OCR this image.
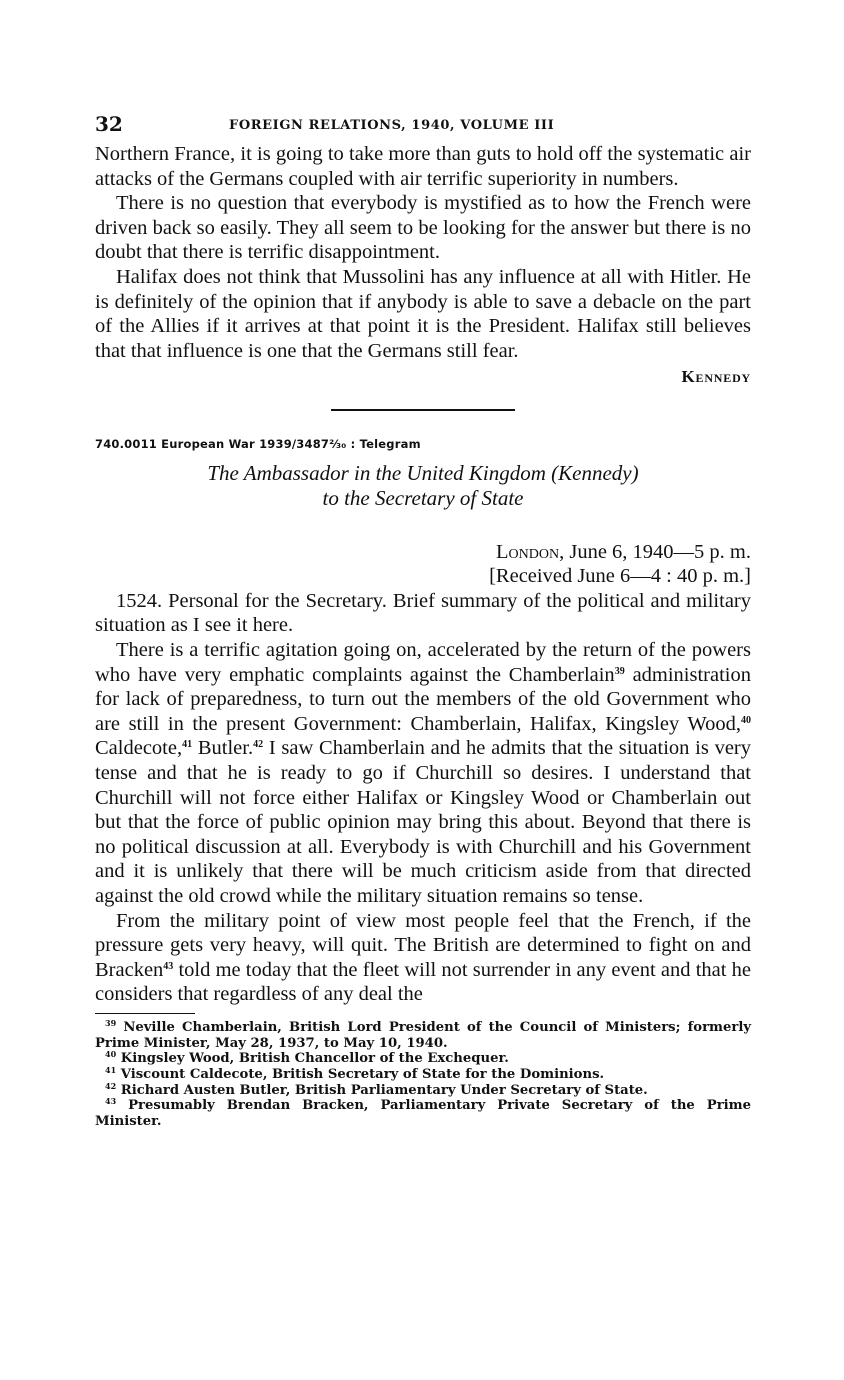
32	FOREIGN RELATIONS, 1940, VOLUME III

Northern France, it is going to take more than guts to hold off the systematic air attacks of the Germans coupled with air terrific superiority in numbers.

There is no question that everybody is mystified as to how the French were driven back so easily. They all seem to be looking for the answer but there is no doubt that there is terrific disappointment.

Halifax does not think that Mussolini has any influence at all with Hitler. He is definitely of the opinion that if anybody is able to save a debacle on the part of the Allies if it arrives at that point it is the President. Halifax still believes that that influence is one that the Germans still fear.

Kennedy
740.0011 European War 1939/3487⅔₀ : Telegram
The Ambassador in the United Kingdom (Kennedy)
to the Secretary of State
London, June 6, 1940—5 p. m.
[Received June 6—4 : 40 p. m.]

1524. Personal for the Secretary. Brief summary of the political and military situation as I see it here.

There is a terrific agitation going on, accelerated by the return of the powers who have very emphatic complaints against the Chamberlain$^{39}$ administration for lack of preparedness, to turn out the members of the old Government who are still in the present Government: Chamberlain, Halifax, Kingsley Wood,$^{40}$ Caldecote,$^{41}$ Butler.$^{42}$ I saw Chamberlain and he admits that the situation is very tense and that he is ready to go if Churchill so desires. I understand that Churchill will not force either Halifax or Kingsley Wood or Chamberlain out but that the force of public opinion may bring this about. Beyond that there is no political discussion at all. Everybody is with Churchill and his Government and it is unlikely that there will be much criticism aside from that directed against the old crowd while the military situation remains so tense.

From the military point of view most people feel that the French, if the pressure gets very heavy, will quit. The British are determined to fight on and Bracken$^{43}$ told me today that the fleet will not surrender in any event and that he considers that regardless of any deal the

$^{39}$ Neville Chamberlain, British Lord President of the Council of Ministers; formerly Prime Minister, May 28, 1937, to May 10, 1940.

$^{40}$ Kingsley Wood, British Chancellor of the Exchequer.

$^{41}$ Viscount Caldecote, British Secretary of State for the Dominions.

$^{42}$ Richard Austen Butler, British Parliamentary Under Secretary of State.

$^{43}$ Presumably Brendan Bracken, Parliamentary Private Secretary of the Prime Minister.
